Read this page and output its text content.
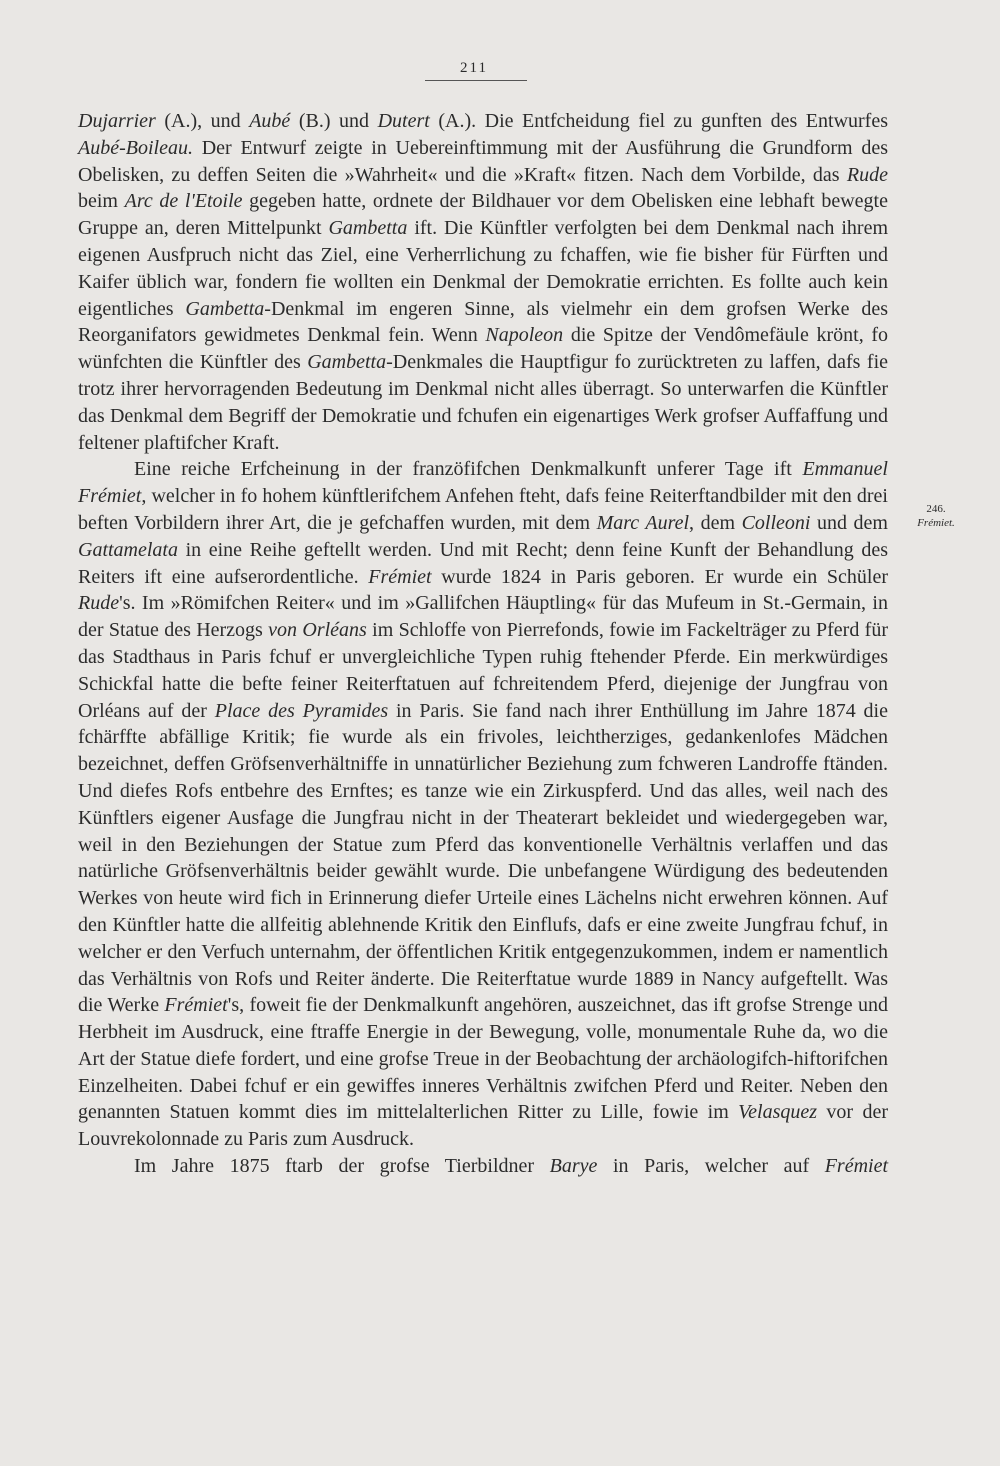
211

Dujarrier (A.), und Aubé (B.) und Dutert (A.). Die Entfcheidung fiel zu gunften des Entwurfes Aubé-Boileau. Der Entwurf zeigte in Uebereinftimmung mit der Ausführung die Grundform des Obelisken, zu deffen Seiten die »Wahrheit« und die »Kraft« fitzen. Nach dem Vorbilde, das Rude beim Arc de l'Etoile gegeben hatte, ordnete der Bildhauer vor dem Obelisken eine lebhaft bewegte Gruppe an, deren Mittelpunkt Gambetta ift. Die Künftler verfolgten bei dem Denkmal nach ihrem eigenen Ausfpruch nicht das Ziel, eine Verherrlichung zu fchaffen, wie fie bisher für Fürften und Kaifer üblich war, fondern fie wollten ein Denkmal der Demokratie errichten. Es follte auch kein eigentliches Gambetta-Denkmal im engeren Sinne, als vielmehr ein dem grofsen Werke des Reorganifators gewidmetes Denkmal fein. Wenn Napoleon die Spitze der Vendômefäule krönt, fo wünfchten die Künftler des Gambetta-Denkmales die Hauptfigur fo zurücktreten zu laffen, dafs fie trotz ihrer hervorragenden Bedeutung im Denkmal nicht alles überragt. So unterwarfen die Künftler das Denkmal dem Begriff der Demokratie und fchufen ein eigenartiges Werk grofser Auffaffung und feltener plaftifcher Kraft.

Eine reiche Erfcheinung in der franzöfifchen Denkmalkunft unferer Tage ift Emmanuel Frémiet, welcher in fo hohem künftlerifchem Anfehen fteht, dafs feine Reiterftandbilder mit den drei beften Vorbildern ihrer Art, die je gefchaffen wurden, mit dem Marc Aurel, dem Colleoni und dem Gattamelata in eine Reihe geftellt werden. Und mit Recht; denn feine Kunft der Behandlung des Reiters ift eine aufserordentliche. Frémiet wurde 1824 in Paris geboren. Er wurde ein Schüler Rude's. Im »Römifchen Reiter« und im »Gallifchen Häuptling« für das Mufeum in St.-Germain, in der Statue des Herzogs von Orléans im Schloffe von Pierrefonds, fowie im Fackelträger zu Pferd für das Stadthaus in Paris fchuf er unvergleichliche Typen ruhig ftehender Pferde. Ein merkwürdiges Schickfal hatte die befte feiner Reiterftatuen auf fchreitendem Pferd, diejenige der Jungfrau von Orléans auf der Place des Pyramides in Paris. Sie fand nach ihrer Enthüllung im Jahre 1874 die fchärffte abfällige Kritik; fie wurde als ein frivoles, leichtherziges, gedankenlofes Mädchen bezeichnet, deffen Gröfsenverhältniffe in unnatürlicher Beziehung zum fchweren Landroffe ftänden. Und diefes Rofs entbehre des Ernftes; es tanze wie ein Zirkuspferd. Und das alles, weil nach des Künftlers eigener Ausfage die Jungfrau nicht in der Theaterart bekleidet und wiedergegeben war, weil in den Beziehungen der Statue zum Pferd das konventionelle Verhältnis verlaffen und das natürliche Gröfsenverhältnis beider gewählt wurde. Die unbefangene Würdigung des bedeutenden Werkes von heute wird fich in Erinnerung diefer Urteile eines Lächelns nicht erwehren können. Auf den Künftler hatte die allfeitig ablehnende Kritik den Einflufs, dafs er eine zweite Jungfrau fchuf, in welcher er den Verfuch unternahm, der öffentlichen Kritik entgegenzukommen, indem er namentlich das Verhältnis von Rofs und Reiter änderte. Die Reiterftatue wurde 1889 in Nancy aufgeftellt. Was die Werke Frémiet's, foweit fie der Denkmalkunft angehören, auszeichnet, das ift grofse Strenge und Herbheit im Ausdruck, eine ftraffe Energie in der Bewegung, volle, monumentale Ruhe da, wo die Art der Statue diefe fordert, und eine grofse Treue in der Beobachtung der archäologifch-hiftorifchen Einzelheiten. Dabei fchuf er ein gewiffes inneres Verhältnis zwifchen Pferd und Reiter. Neben den genannten Statuen kommt dies im mittelalterlichen Ritter zu Lille, fowie im Velasquez vor der Louvrekolonnade zu Paris zum Ausdruck.

Im Jahre 1875 ftarb der grofse Tierbildner Barye in Paris, welcher auf Frémiet

246.
Frémiet.
